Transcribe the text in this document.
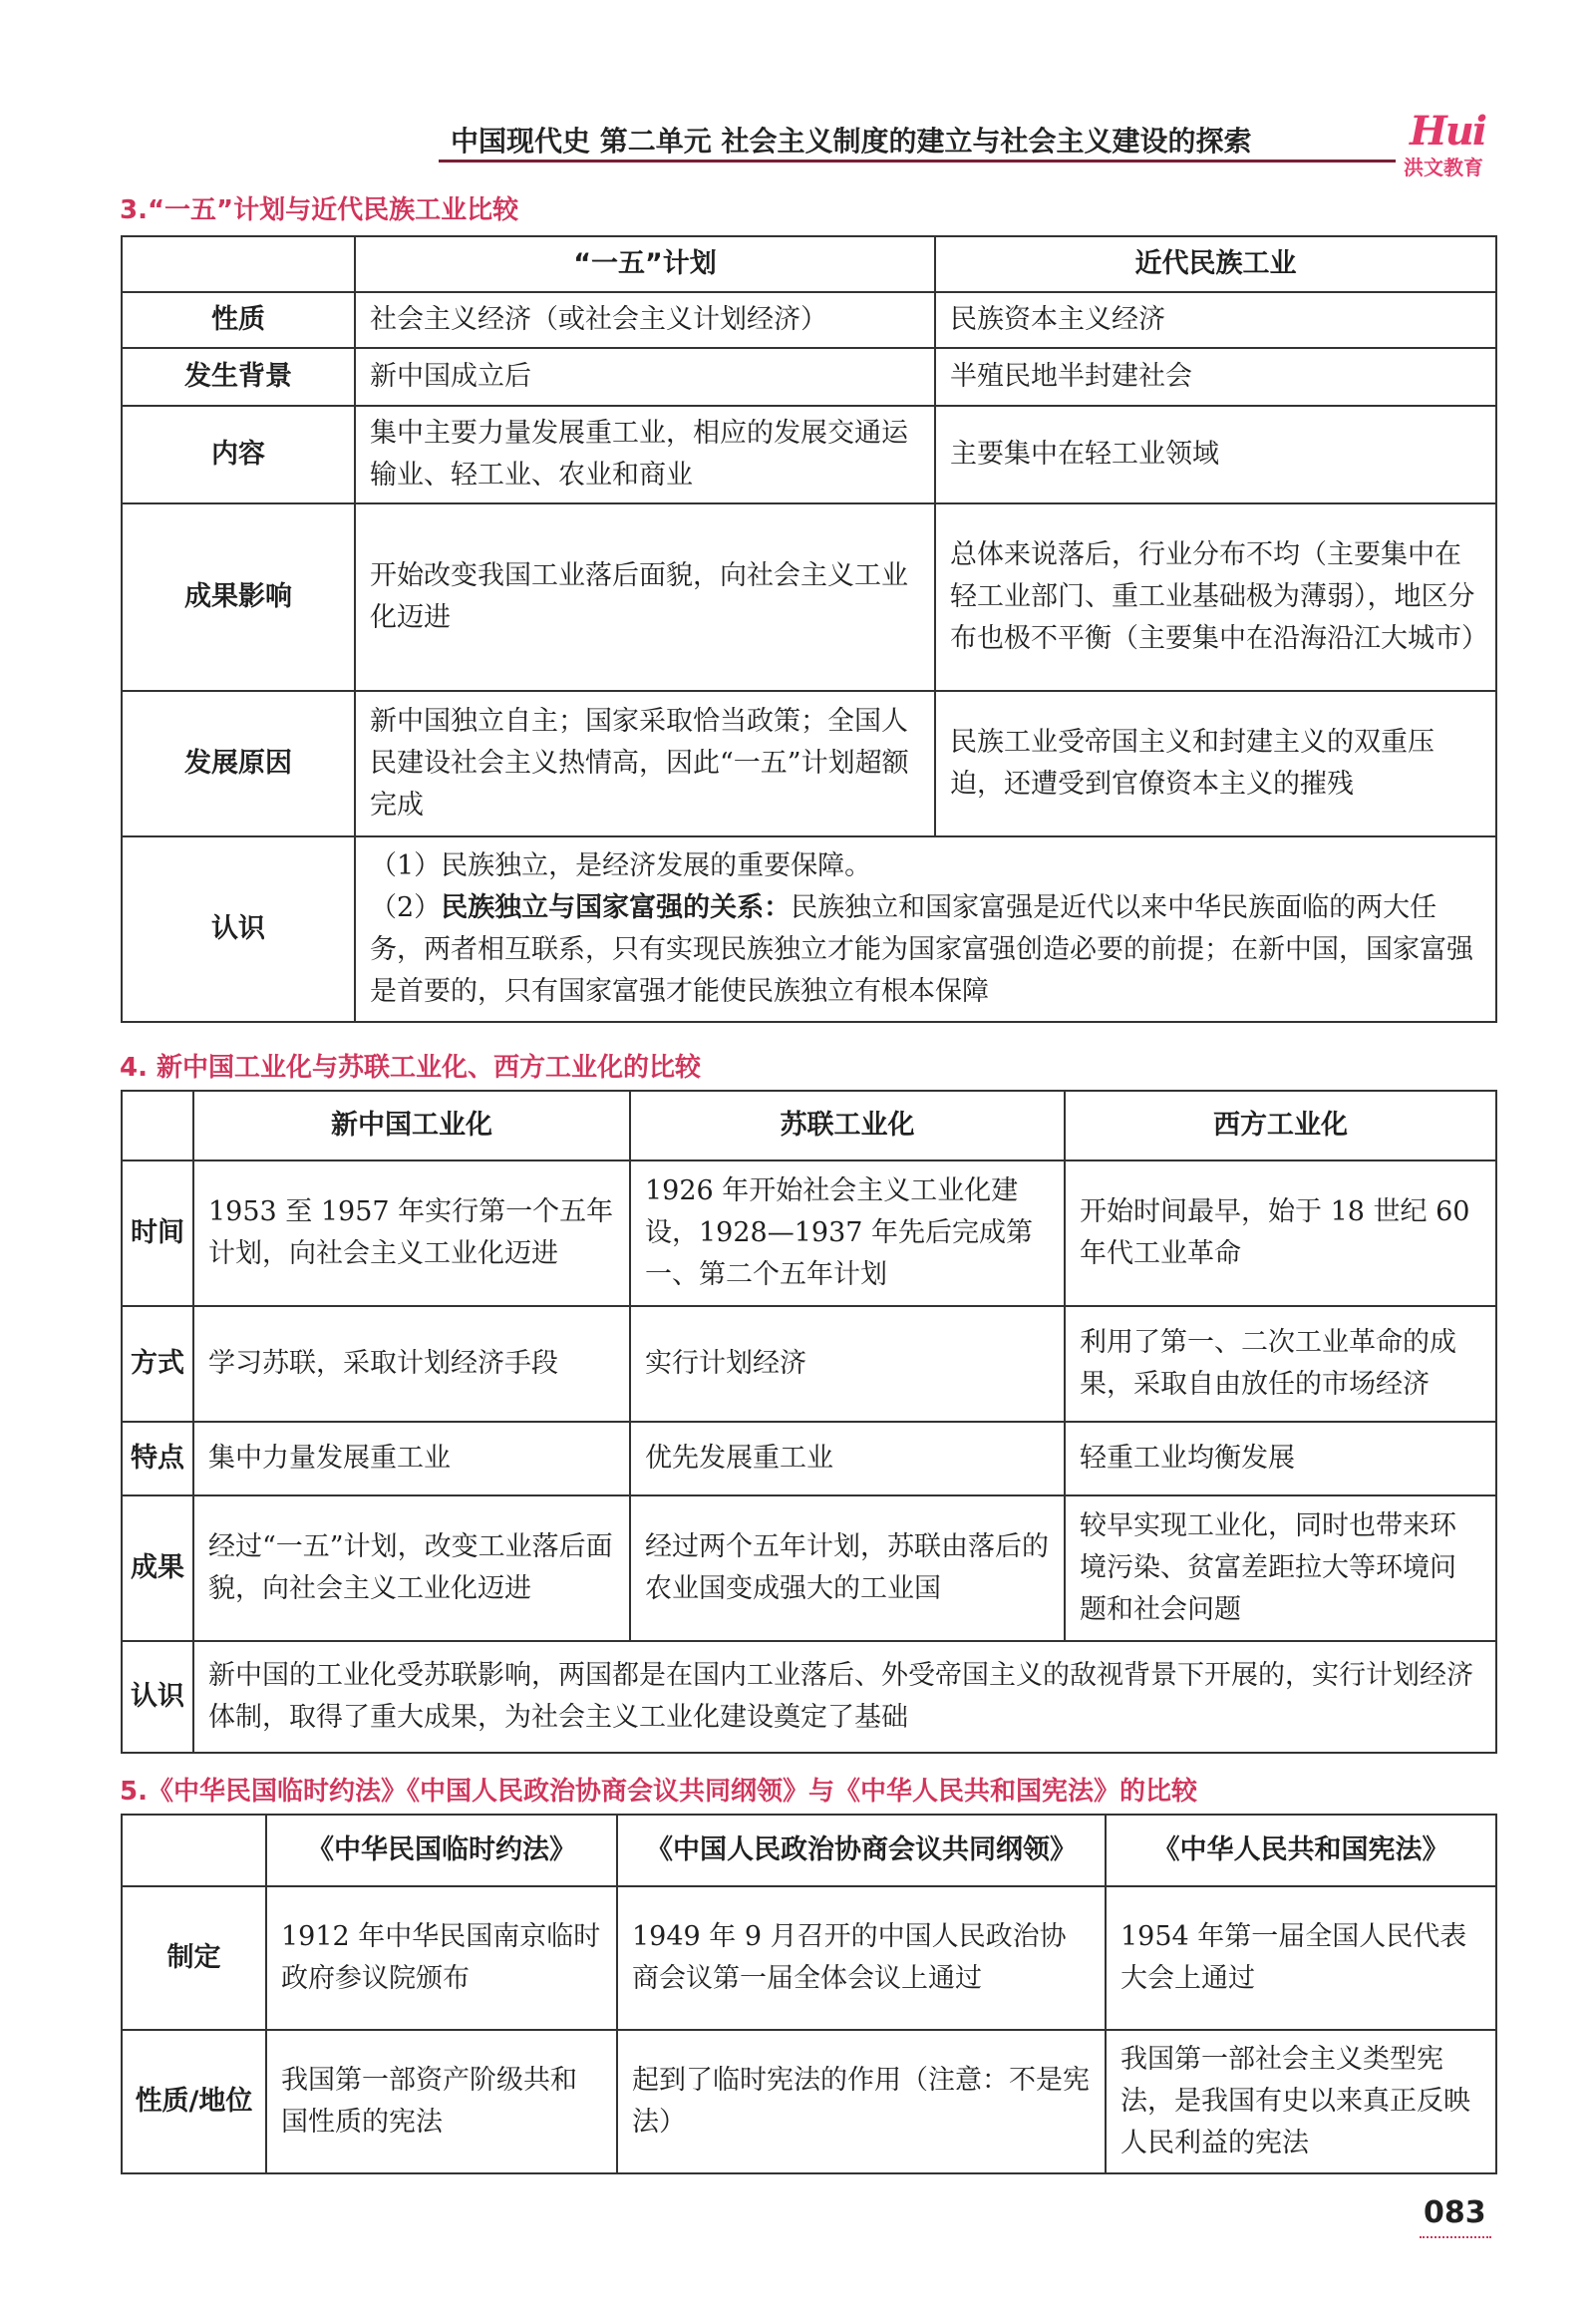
中国现代史 第二单元 社会主义制度的建立与社会主义建设的探索	Hui
洪文教育
3.“一五”计划与近代民族工业比较
	“一五”计划	近代民族工业
性质	社会主义经济（或社会主义计划经济）	民族资本主义经济
发生背景	新中国成立后	半殖民地半封建社会
内容	集中主要力量发展重工业，相应的发展交通运输业、轻工业、农业和商业	主要集中在轻工业领域
成果影响	开始改变我国工业落后面貌，向社会主义工业化迈进	总体来说落后，行业分布不均（主要集中在轻工业部门、重工业基础极为薄弱），地区分布也极不平衡（主要集中在沿海沿江大城市）
发展原因	新中国独立自主；国家采取恰当政策；全国人民建设社会主义热情高，因此“一五”计划超额完成	民族工业受帝国主义和封建主义的双重压迫，还遭受到官僚资本主义的摧残
认识	（1）民族独立，是经济发展的重要保障。
（2）民族独立与国家富强的关系：民族独立和国家富强是近代以来中华民族面临的两大任务，两者相互联系，只有实现民族独立才能为国家富强创造必要的前提；在新中国，国家富强是首要的，只有国家富强才能使民族独立有根本保障	
4. 新中国工业化与苏联工业化、西方工业化的比较
	新中国工业化	苏联工业化	西方工业化
时间	1953 至 1957 年实行第一个五年计划，向社会主义工业化迈进	1926 年开始社会主义工业化建设，1928—1937 年先后完成第一、第二个五年计划	开始时间最早，始于 18 世纪 60 年代工业革命
方式	学习苏联，采取计划经济手段	实行计划经济	利用了第一、二次工业革命的成果，采取自由放任的市场经济
特点	集中力量发展重工业	优先发展重工业	轻重工业均衡发展
成果	经过“一五”计划，改变工业落后面貌，向社会主义工业化迈进	经过两个五年计划，苏联由落后的农业国变成强大的工业国	较早实现工业化，同时也带来环境污染、贫富差距拉大等环境问题和社会问题
认识	新中国的工业化受苏联影响，两国都是在国内工业落后、外受帝国主义的敌视背景下开展的，实行计划经济体制，取得了重大成果，为社会主义工业化建设奠定了基础		
5.《中华民国临时约法》《中国人民政治协商会议共同纲领》与《中华人民共和国宪法》的比较
	《中华民国临时约法》	《中国人民政治协商会议共同纲领》	《中华人民共和国宪法》
制定	1912 年中华民国南京临时政府参议院颁布	1949 年 9 月召开的中国人民政治协商会议第一届全体会议上通过	1954 年第一届全国人民代表大会上通过
性质/地位	我国第一部资产阶级共和国性质的宪法	起到了临时宪法的作用（注意：不是宪法）	我国第一部社会主义类型宪法，是我国有史以来真正反映人民利益的宪法
083
